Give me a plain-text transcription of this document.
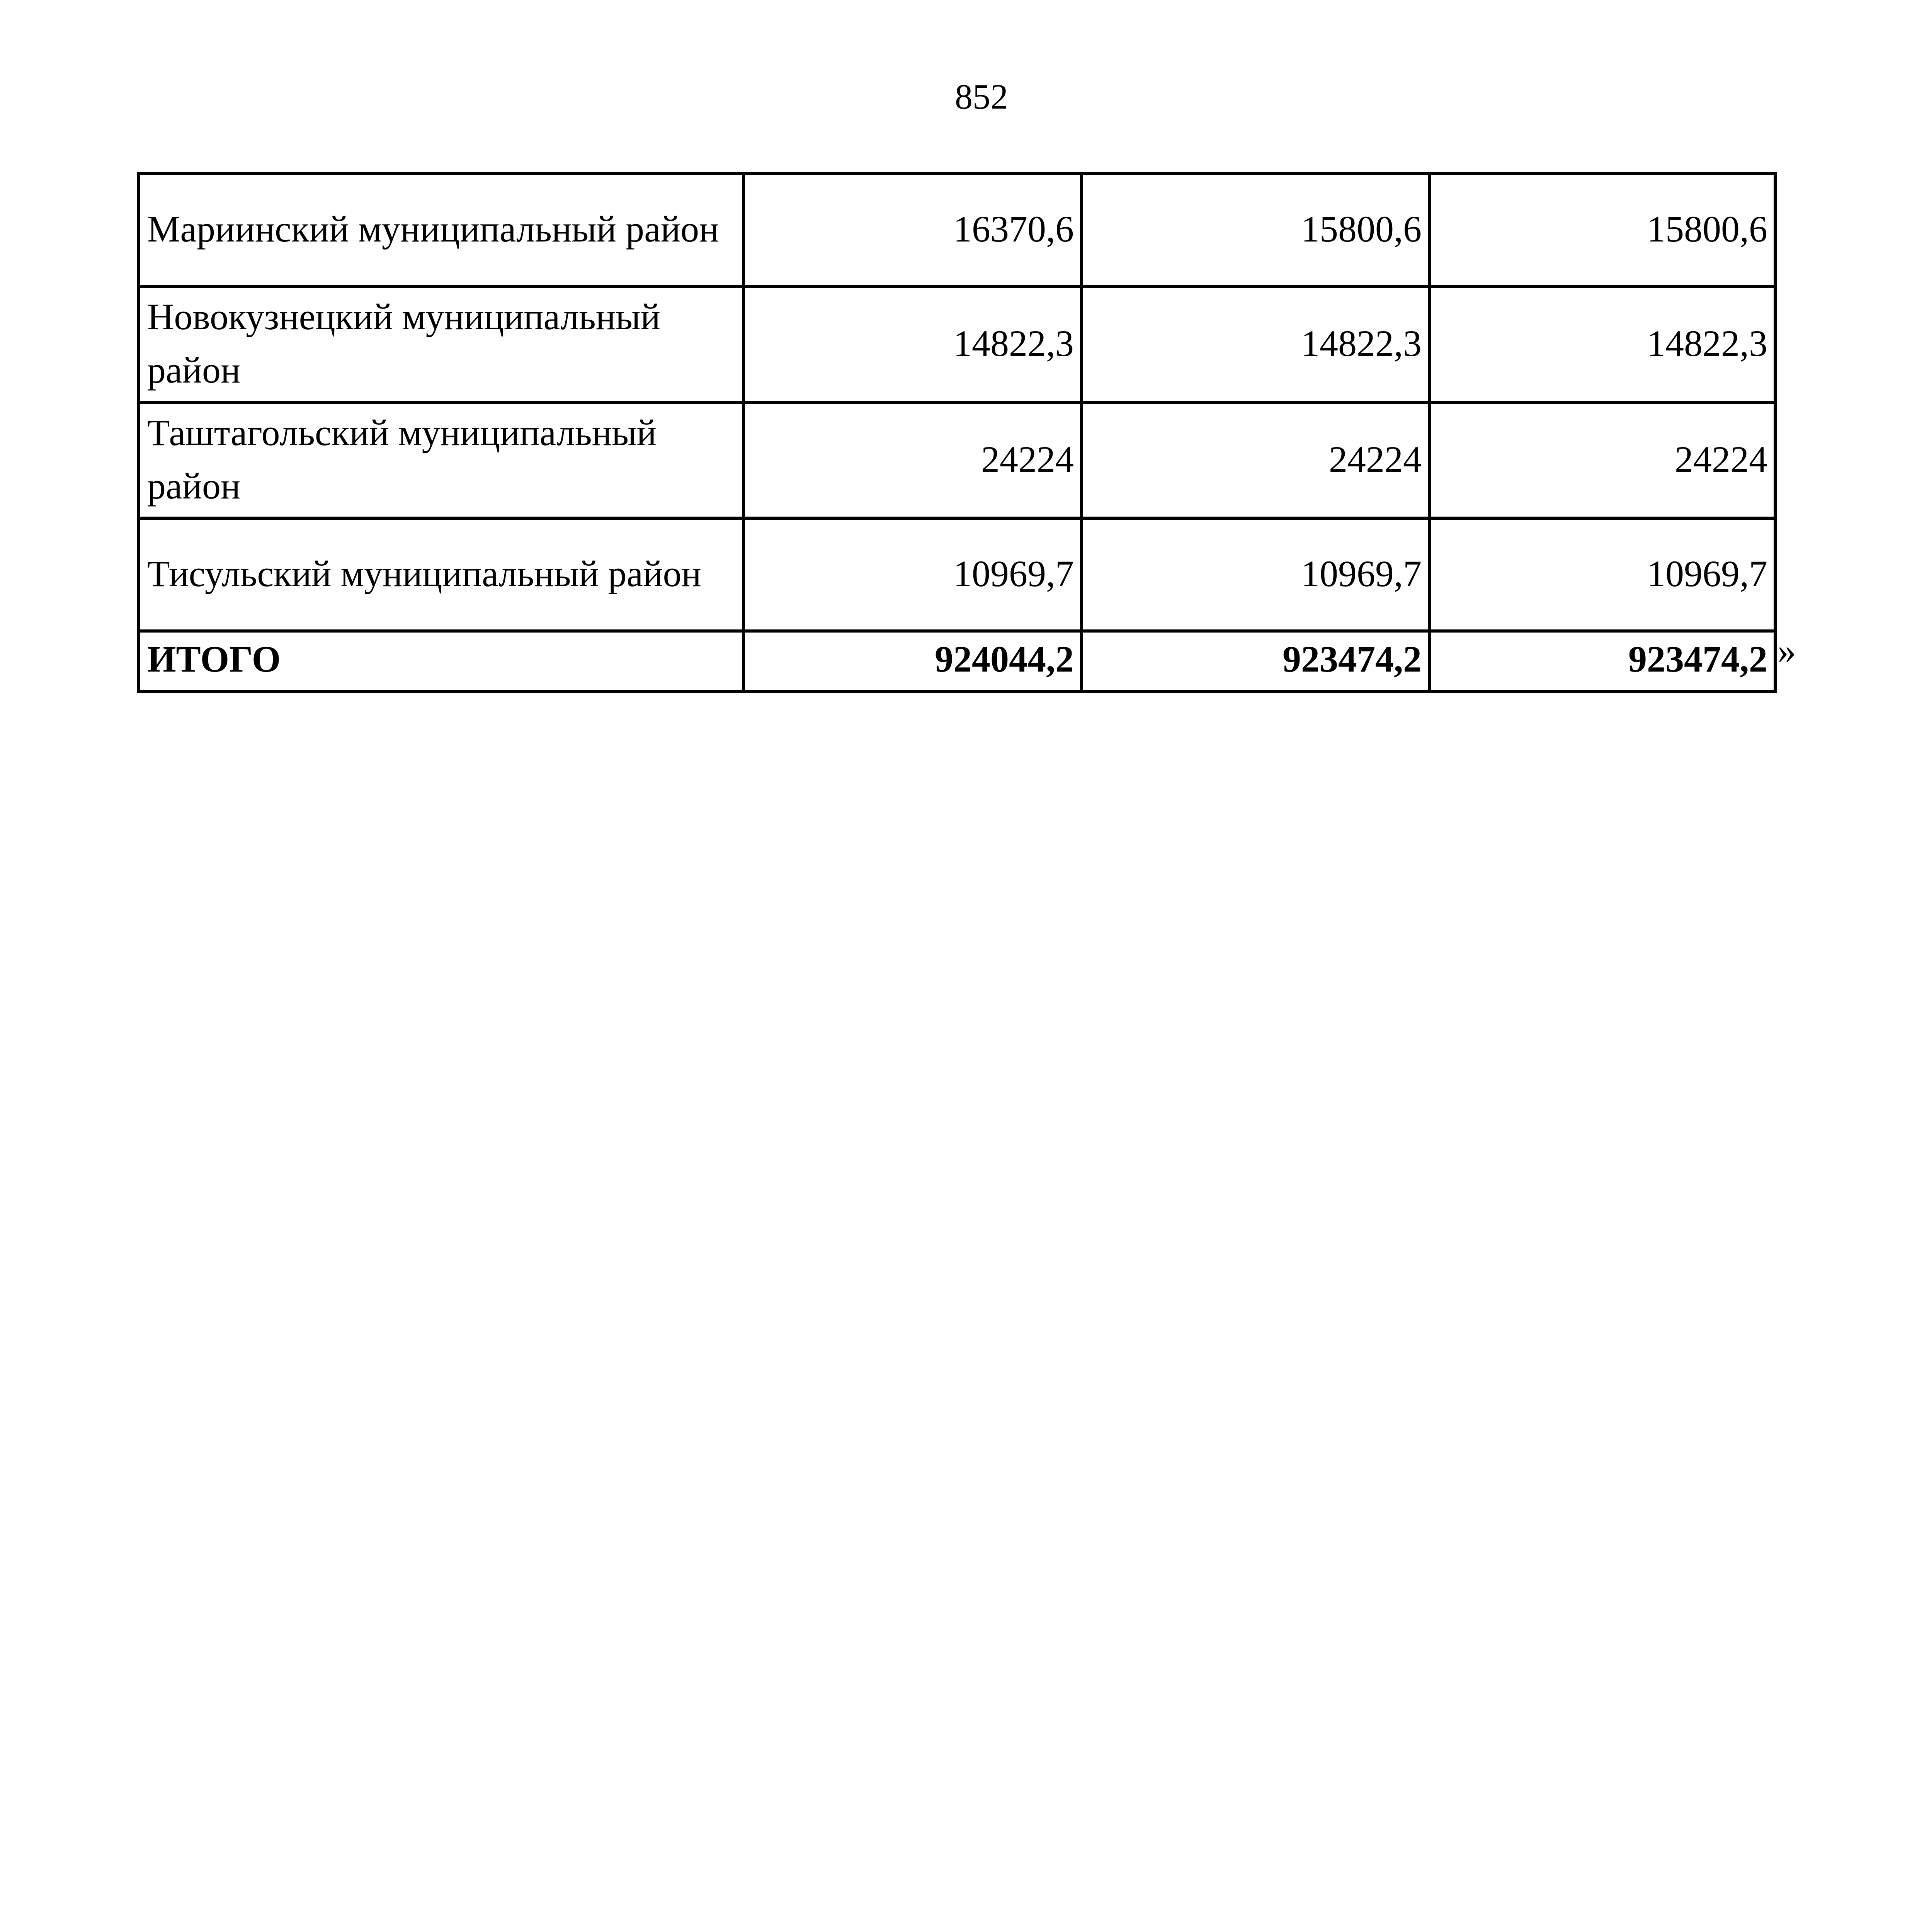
852
Мариинский муниципальный район	16370,6	15800,6	15800,6
Новокузнецкий муниципальный район	14822,3	14822,3	14822,3
Таштагольский муниципальный район	24224	24224	24224
Тисульский муниципальный район	10969,7	10969,7	10969,7
ИТОГО	924044,2	923474,2	923474,2 »
